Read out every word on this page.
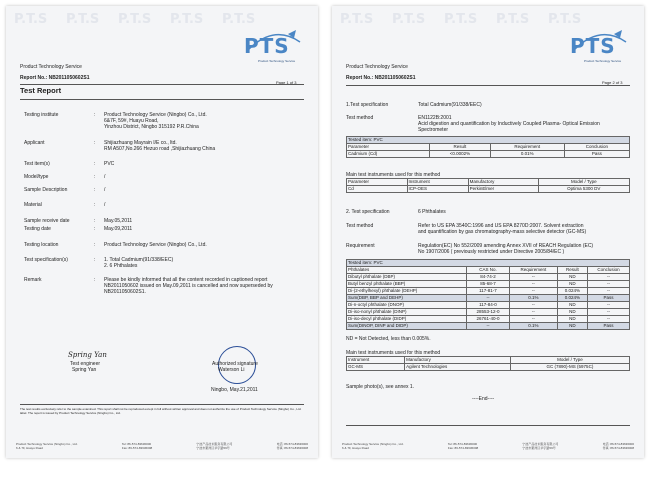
P.T.S P.T.S P.T.S P.T.S P.T.S
PTS
Product Technology Service
Product Technology Service
Report No.: NB2011050602S1
Page 1 of 3
Test Report
Testing institute	: Product Technology Service (Ningbo) Co., Ltd.
6&7F, 59#, Huayu Road,
Yinzhou District, Ningbo 315192 P.R.China
Applicant	: Shijiazhuang Mayrain I/E co., ltd.
RM A507,No.266 Hezuo road ,Shijiazhuang China
Test item(s)	: PVC
Model/type	: /
Sample Description	: /
Material	: /
Sample receive date	: May.05,2011
Testing date	: May.09,2011
Testing location	: Product Technology Service (Ningbo) Co., Ltd.
Test specification(s)	: 1. Total Cadmium(91/338/EEC)
2. 6 Phthalates
Remark	: Please be kindly informed that all the content recorded in captioned report
NB2011050602 issued on May.09,2011 is cancelled and now superseded by
NB2011050602S1.
Spring Yan
Test engineer
Spring Yan
Authorized signature
Waterson Li
Ningbo, May.21,2011
The test results exclusively refer to the sample examined. This report shall not be reproduced except in full without written approval and does not authorize the use of Product Technology Service (Ningbo) Co., Ltd. label. The report is issued by Product Technology Service (Ningbo) Co., Ltd.
Product Technology Service (Ningbo) Co., Ltd.
6 & 7F, Huayu Road
Tel: 86-574-83636000
Fax: 86-574-83636008
宁波产品技术服务有限公司
宁波市鄞州区华宇路59号
电话: 86-574-83636000
传真: 86-574-83636008
P.T.S P.T.S P.T.S P.T.S P.T.S
PTS
Product Technology Service
Product Technology Service
Report No.: NB2011050602S1
Page 2 of 3
1.Test specification	Total Cadmium(91/338/EEC)
Test method	EN1122B:2001
Acid digestion and quantification by Inductively Coupled Plasma- Optical Emission
Spectrometer
Tested item: PVC			
Parameter	Result	Requirement	Conclusion
Cadmium (Cd)	<0.0002%	0.01%	Pass
Main test instruments used for this method
Parameter	Instrument	Manufactory	Model / Type
Cd	ICP-OES	PerkinElmer	Optima 5300 DV
2. Test specification	6 Phthalates
Test method	Refer to US EPA 3540C:1996 and US EPA 8270D:2007. Solvent extraction
and quantification by gas chromatography-mass selective detector (GC-MS)
Requirement	Regulation(EC) No 552/2009 amending Annex XVII of REACH Regulation (EC)
No 1907/2006 ( previously restricted under Directive 2005/84/EC )
Tested item: PVC				
Phthalates	CAS No.	Requirement	Result	Conclusion
Dibutyl phthalate (DBP)	84-74-2	--	ND	--
Butyl benzyl phthalate (BBP)	85-68-7	--	ND	--
Di-(2-ethylhexyl) phthalate (DEHP)	117-81-7	--	0.024%	--
Sum(DBP, BBP and DEHP)	--	0.1%	0.024%	Pass
Di-n-octyl phthalate (DNOP)	117-84-0	--	ND	--
Di-iso-nonyl phthalate (DINP)	28553-12-0	--	ND	--
Di-iso-decyl phthalate (DIDP)	26761-40-0	--	ND	--
Sum(DINOP, DINP and DIDP)	--	0.1%	ND	Pass
ND = Not Detected, less than 0.005%.
Main test instruments used for this method
Instrument	Manufactory	Model / Type
GC-MS	Agilent Technologies	GC (7890)-MS (5975C)
Sample photo(s), see annex 1.
----End----
Product Technology Service (Ningbo) Co., Ltd.
6 & 7F, Huayu Road
Tel: 86-574-83636000
Fax: 86-574-83636008
宁波产品技术服务有限公司
宁波市鄞州区华宇路59号
电话: 86-574-83636000
传真: 86-574-83636008
